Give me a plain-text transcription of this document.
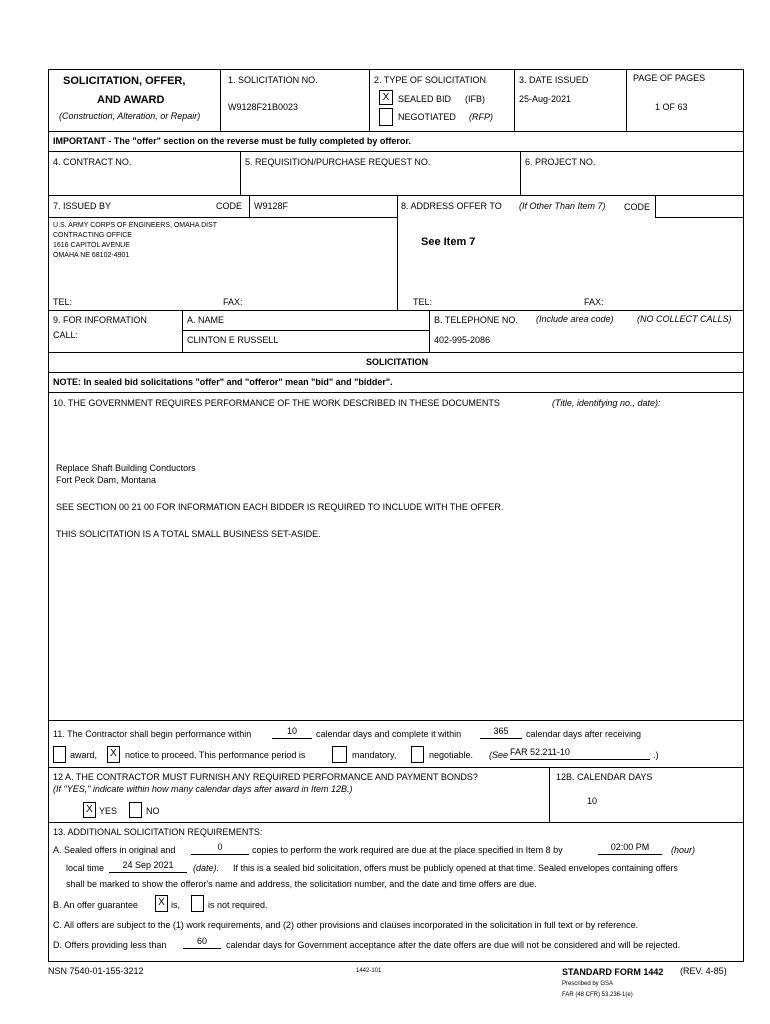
SOLICITATION, OFFER,
AND AWARD
(Construction, Alteration, or Repair)
1. SOLICITATION NO.
W9128F21B0023
2. TYPE OF SOLICITATION
X SEALED BID (IFB)
NEGOTIATED (RFP)
3. DATE ISSUED
25-Aug-2021
PAGE OF PAGES
1 OF 63
IMPORTANT - The "offer" section on the reverse must be fully completed by offeror.
4. CONTRACT NO.	5. REQUISITION/PURCHASE REQUEST NO.	6. PROJECT NO.
7. ISSUED BY	CODE W9128F
U.S. ARMY CORPS OF ENGINEERS, OMAHA DIST
CONTRACTING OFFICE
1616 CAPITOL AVENUE
OMAHA NE 68102-4901
TEL:	FAX:
8. ADDRESS OFFER TO (If Other Than Item 7) CODE
See Item 7
TEL:	FAX:
9. FOR INFORMATION
CALL:
A. NAME
CLINTON E RUSSELL
B. TELEPHONE NO. (Include area code)	(NO COLLECT CALLS)
402-995-2086
SOLICITATION
NOTE: In sealed bid solicitations "offer" and "offeror" mean "bid" and "bidder".
10. THE GOVERNMENT REQUIRES PERFORMANCE OF THE WORK DESCRIBED IN THESE DOCUMENTS	(Title, identifying no., date):
Replace Shaft Building Conductors
Fort Peck Dam, Montana
SEE SECTION 00 21 00 FOR INFORMATION EACH BIDDER IS REQUIRED TO INCLUDE WITH THE OFFER.
THIS SOLICITATION IS A TOTAL SMALL BUSINESS SET-ASIDE.
11. The Contractor shall begin performance within	10	calendar days and complete it within	365	calendar days after receiving
award,	X notice to proceed. This performance period is	mandatory,	negotiable. (See FAR 52.211-10	.)
12 A. THE CONTRACTOR MUST FURNISH ANY REQUIRED PERFORMANCE AND PAYMENT BONDS?
(If "YES," indicate within how many calendar days after award in Item 12B.)
X YES	NO
12B. CALENDAR DAYS
10
13. ADDITIONAL SOLICITATION REQUIREMENTS:
A. Sealed offers in original and	0	copies to perform the work required are due at the place specified in Item 8 by	02:00 PM	(hour)
local time	24 Sep 2021	(date). If this is a sealed bid solicitation, offers must be publicly opened at that time. Sealed envelopes containing offers
shall be marked to show the offeror's name and address, the solicitation number, and the date and time offers are due.
B. An offer guarantee	X is,	is not required.
C. All offers are subject to the (1) work requirements, and (2) other provisions and clauses incorporated in the solicitation in full text or by reference.
D. Offers providing less than	60	calendar days for Government acceptance after the date offers are due will not be considered and will be rejected.
NSN 7540-01-155-3212	1442-101	STANDARD FORM 1442 (REV. 4-85)
Prescribed by GSA
FAR (48 CFR) 53.236-1(e)
